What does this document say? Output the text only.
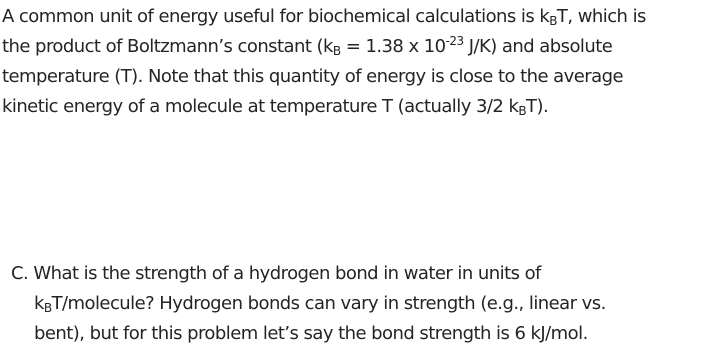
A common unit of energy useful for biochemical calculations is $k_BT$, which is
the product of Boltzmann’s constant ($k_B = 1.38$ x $10^{-23}$ J/K) and absolute
temperature (T). Note that this quantity of energy is close to the average
kinetic energy of a molecule at temperature T (actually 3/2 $k_BT$).
C. What is the strength of a hydrogen bond in water in units of
$k_BT$/molecule? Hydrogen bonds can vary in strength (e.g., linear vs.
bent), but for this problem let’s say the bond strength is 6 kJ/mol.
